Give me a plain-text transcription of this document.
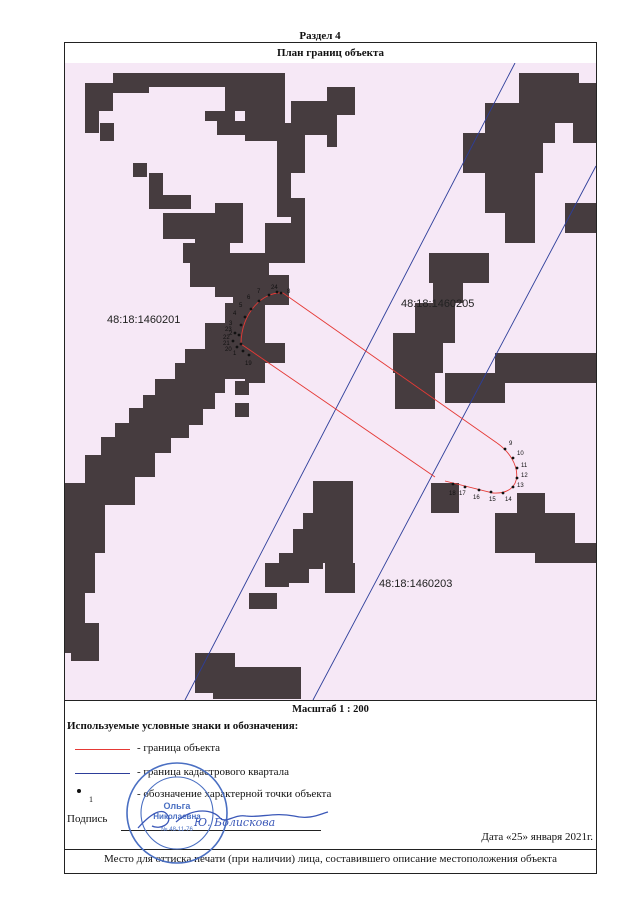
Раздел 4
План границ объекта
1
2
3
4
5
6
7	8
9
10
11
12
13
14
15
16
17
18
19
20
21
22
23
24
48:18:1460201
48:18:1460205
48:18:1460203
Масштаб 1 : 200
Используемые условные знаки и обозначения:
- граница объекта
- граница кадастрового квартала
1	- обозначение характерной точки объекта
Подпись
Дата «25» января 2021г.
Место для оттиска печати (при наличии) лица, составившего описание местоположения объекта
Ольга
Николаевна
№ 48-11-76
Ю. Болискова
